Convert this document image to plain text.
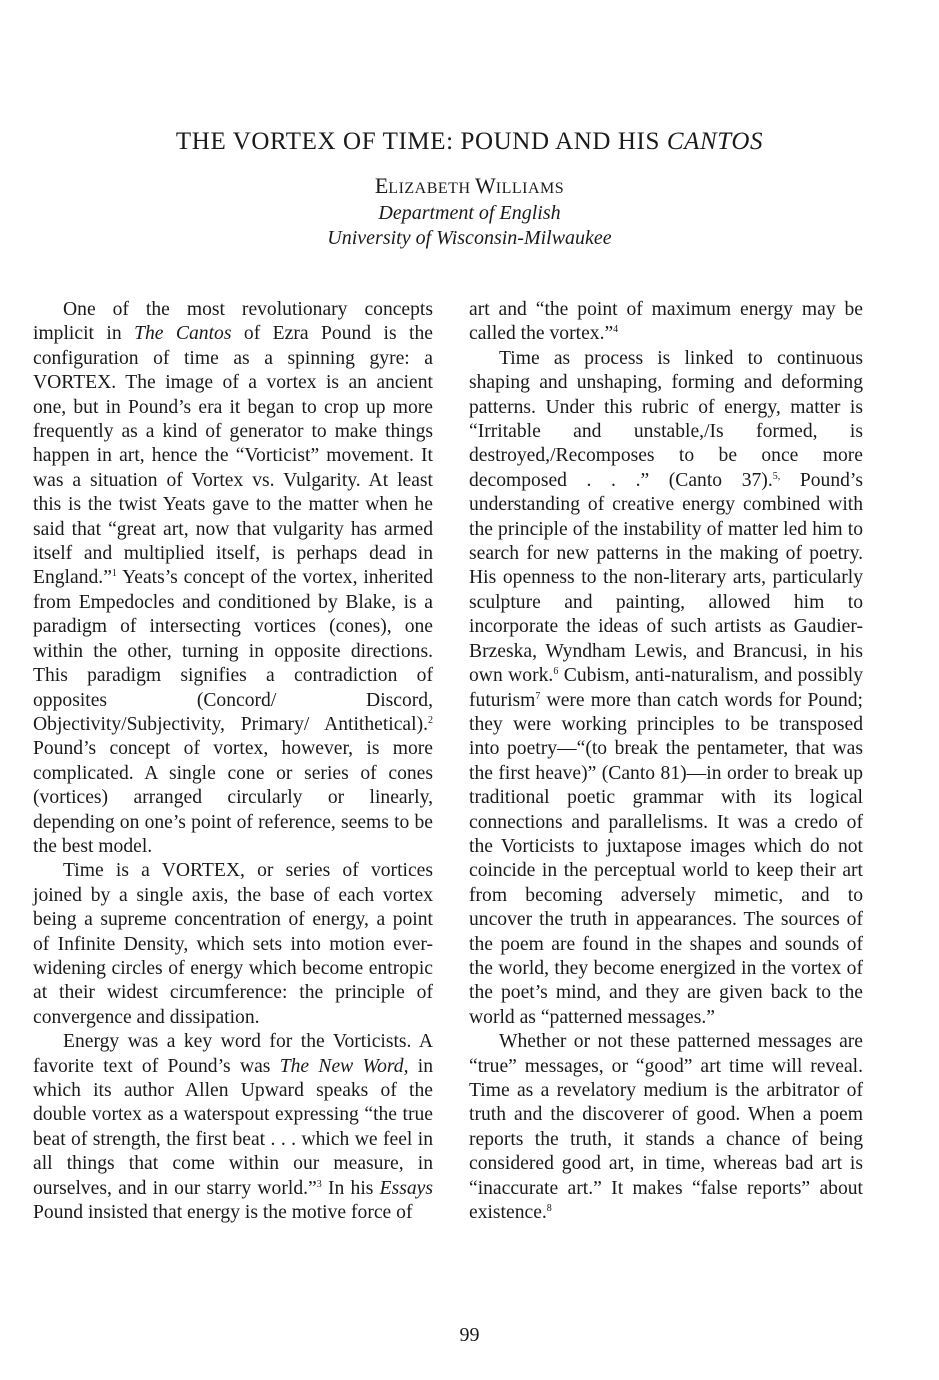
THE VORTEX OF TIME: POUND AND HIS CANTOS
ELIZABETH WILLIAMS
Department of English
University of Wisconsin-Milwaukee

One of the most revolutionary concepts implicit in The Cantos of Ezra Pound is the configuration of time as a spinning gyre: a VORTEX. The image of a vortex is an ancient one, but in Pound’s era it began to crop up more frequently as a kind of generator to make things happen in art, hence the “Vorticist” movement. It was a situation of Vortex vs. Vulgarity. At least this is the twist Yeats gave to the matter when he said that “great art, now that vulgarity has armed itself and multiplied itself, is perhaps dead in England.”$^1$ Yeats’s concept of the vortex, inherited from Empedocles and conditioned by Blake, is a paradigm of intersecting vortices (cones), one within the other, turning in opposite directions. This paradigm signifies a contradiction of opposites (Concord/ Discord, Objectivity/Subjectivity, Primary/ Antithetical).$^2$ Pound’s concept of vortex, however, is more complicated. A single cone or series of cones (vortices) arranged circularly or linearly, depending on one’s point of reference, seems to be the best model.

Time is a VORTEX, or series of vortices joined by a single axis, the base of each vortex being a supreme concentration of energy, a point of Infinite Density, which sets into motion ever-widening circles of energy which become entropic at their widest circumference: the principle of convergence and dissipation.

Energy was a key word for the Vorticists. A favorite text of Pound’s was The New Word, in which its author Allen Upward speaks of the double vortex as a waterspout expressing “the true beat of strength, the first beat . . . which we feel in all things that come within our measure, in ourselves, and in our starry world.”$^3$ In his Essays Pound insisted that energy is the motive force of

art and “the point of maximum energy may be called the vortex.”$^4$

Time as process is linked to continuous shaping and unshaping, forming and deforming patterns. Under this rubric of energy, matter is “Irritable and unstable,/Is formed, is destroyed,/Recomposes to be once more decomposed . . .” (Canto 37).$^{5,}$ Pound’s understanding of creative energy combined with the principle of the instability of matter led him to search for new patterns in the making of poetry. His openness to the non-literary arts, particularly sculpture and painting, allowed him to incorporate the ideas of such artists as Gaudier-Brzeska, Wyndham Lewis, and Brancusi, in his own work.$^6$ Cubism, anti-naturalism, and possibly futurism$^7$ were more than catch words for Pound; they were working principles to be transposed into poetry—“(to break the pentameter, that was the first heave)” (Canto 81)—in order to break up traditional poetic grammar with its logical connections and parallelisms. It was a credo of the Vorticists to juxtapose images which do not coincide in the perceptual world to keep their art from becoming adversely mimetic, and to uncover the truth in appearances. The sources of the poem are found in the shapes and sounds of the world, they become energized in the vortex of the poet’s mind, and they are given back to the world as “patterned messages.”

Whether or not these patterned messages are “true” messages, or “good” art time will reveal. Time as a revelatory medium is the arbitrator of truth and the discoverer of good. When a poem reports the truth, it stands a chance of being considered good art, in time, whereas bad art is “inaccurate art.” It makes “false reports” about existence.$^8$

99
